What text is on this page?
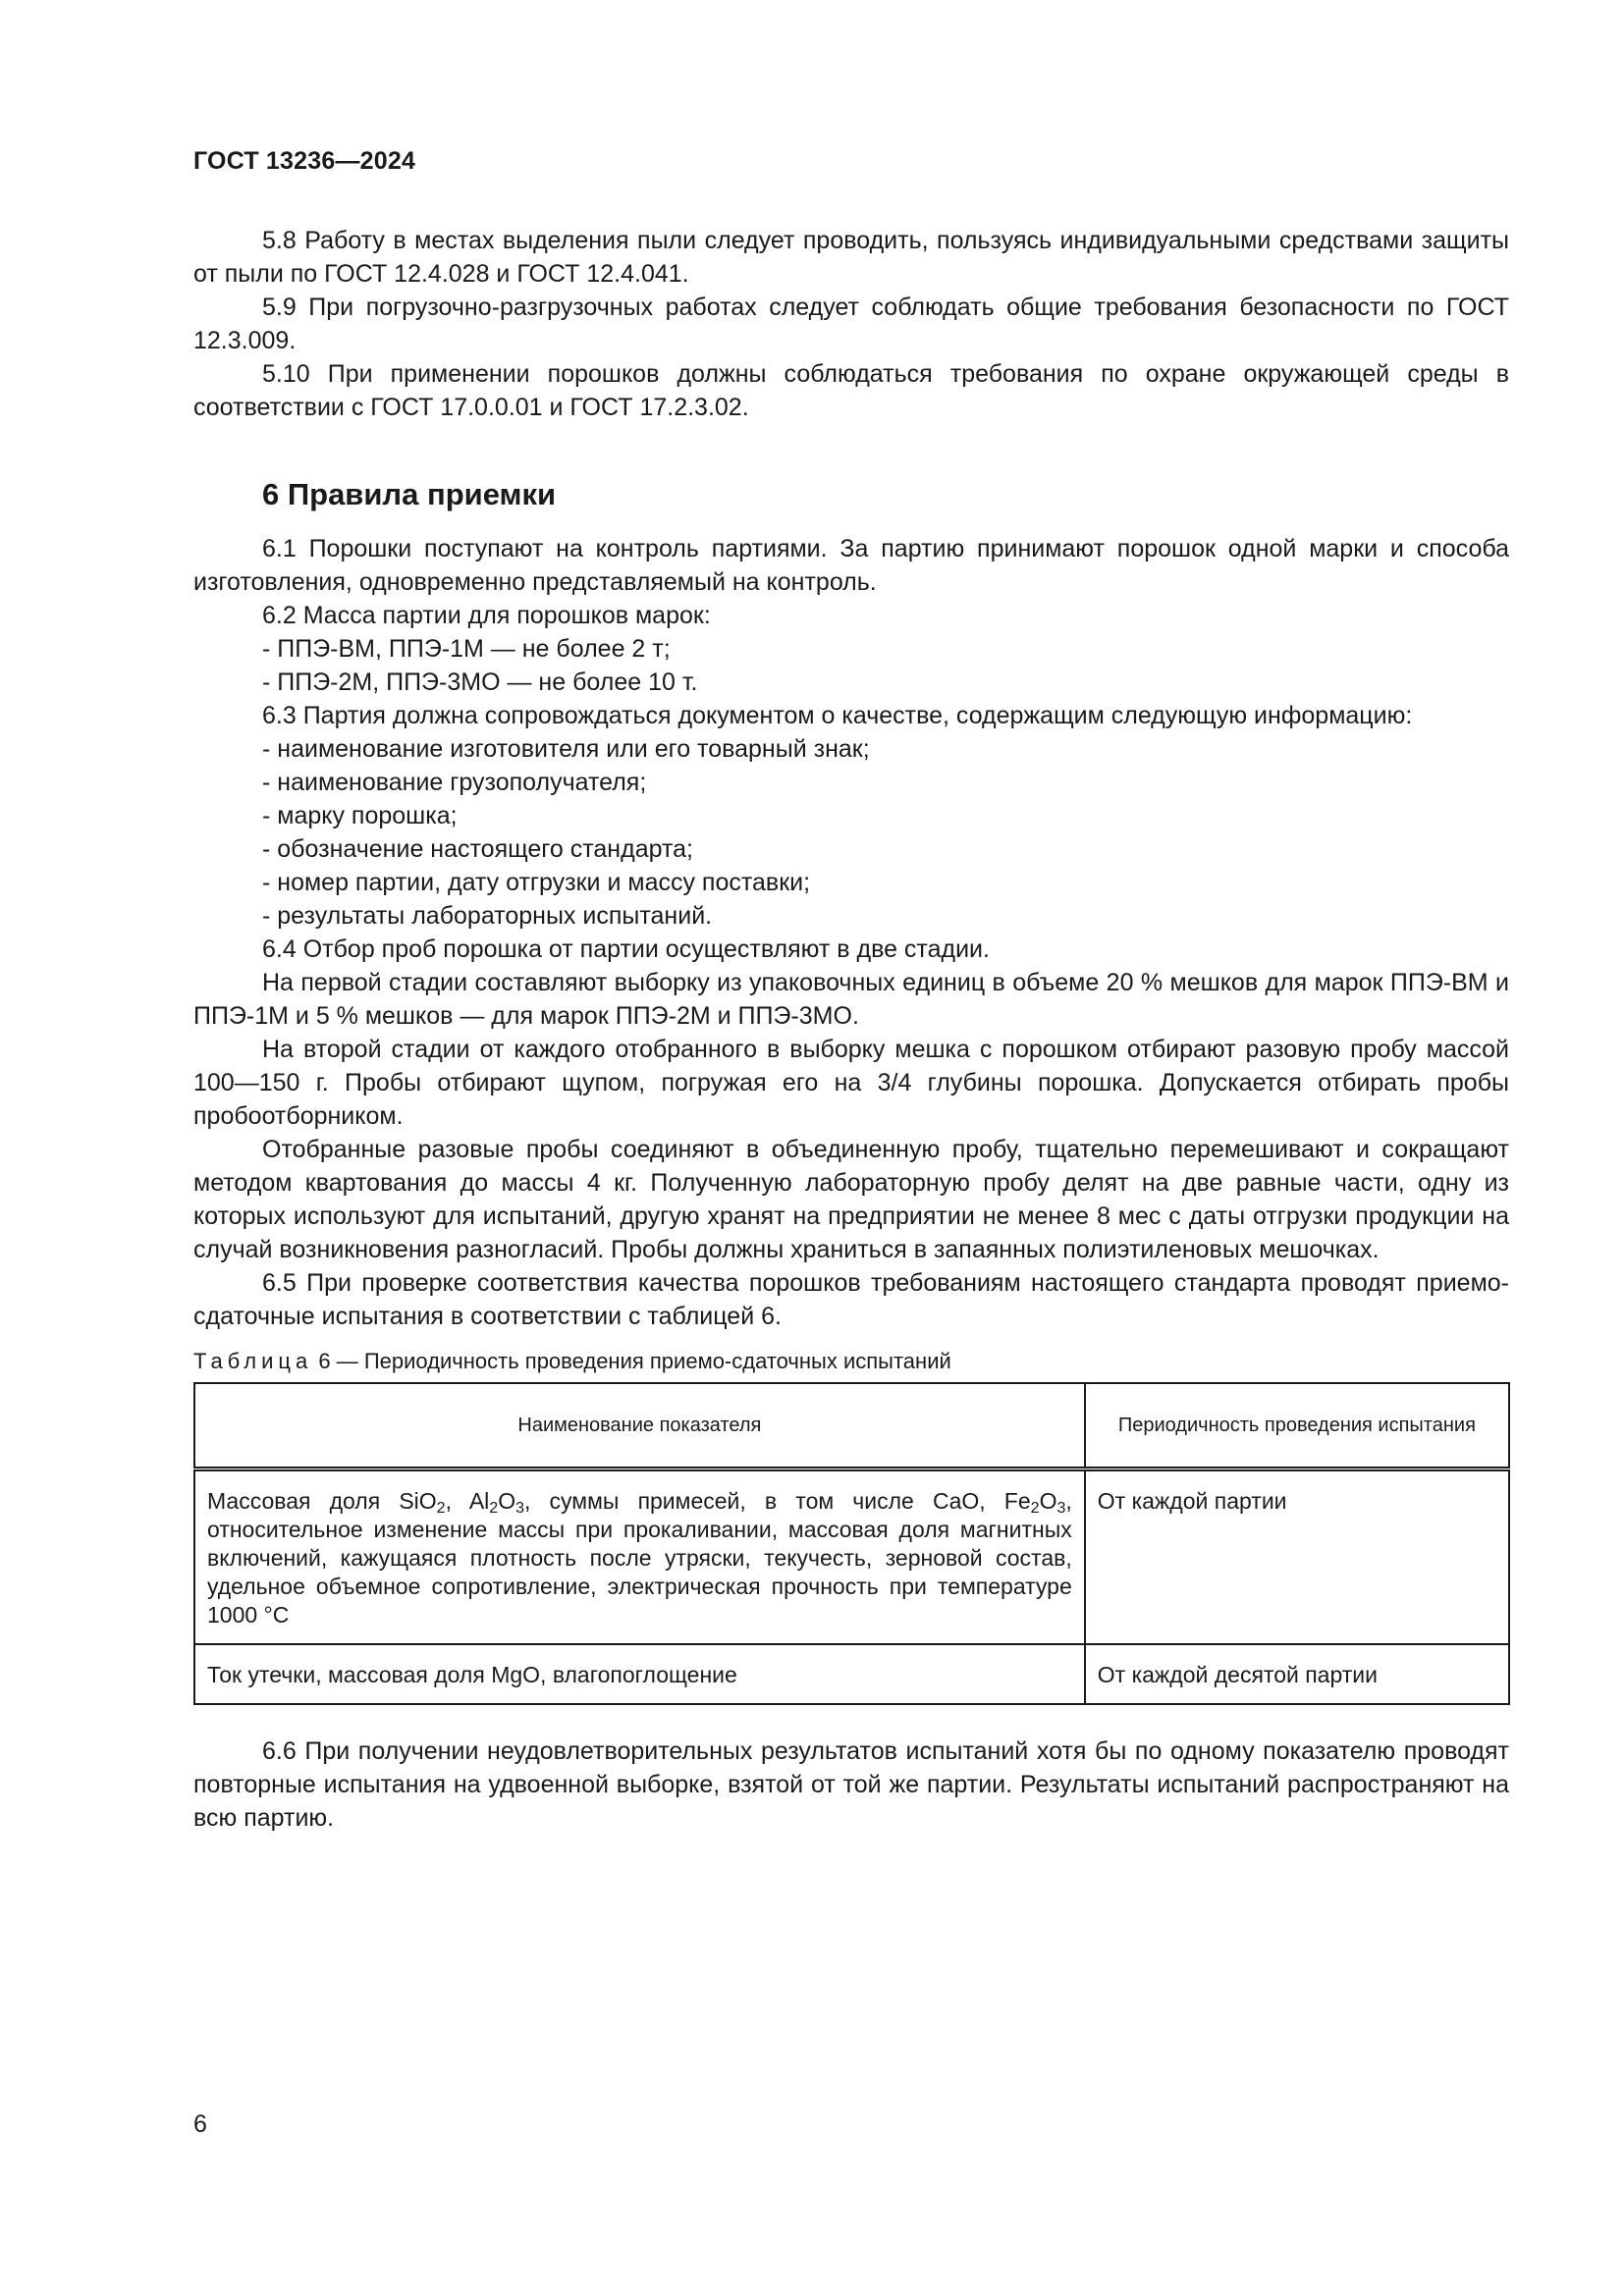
ГОСТ 13236—2024

5.8 Работу в местах выделения пыли следует проводить, пользуясь индивидуальными средствами защиты от пыли по ГОСТ 12.4.028 и ГОСТ 12.4.041.

5.9 При погрузочно-разгрузочных работах следует соблюдать общие требования безопасности по ГОСТ 12.3.009.

5.10 При применении порошков должны соблюдаться требования по охране окружающей среды в соответствии с ГОСТ 17.0.0.01 и ГОСТ 17.2.3.02.

6 Правила приемки

6.1 Порошки поступают на контроль партиями. За партию принимают порошок одной марки и способа изготовления, одновременно представляемый на контроль.

6.2 Масса партии для порошков марок:

- ППЭ-ВМ, ППЭ-1М — не более 2 т;

- ППЭ-2М, ППЭ-3МО — не более 10 т.

6.3 Партия должна сопровождаться документом о качестве, содержащим следующую информацию:

- наименование изготовителя или его товарный знак;

- наименование грузополучателя;

- марку порошка;

- обозначение настоящего стандарта;

- номер партии, дату отгрузки и массу поставки;

- результаты лабораторных испытаний.

6.4 Отбор проб порошка от партии осуществляют в две стадии.

На первой стадии составляют выборку из упаковочных единиц в объеме 20 % мешков для марок ППЭ-ВМ и ППЭ-1М и 5 % мешков — для марок ППЭ-2М и ППЭ-3МО.

На второй стадии от каждого отобранного в выборку мешка с порошком отбирают разовую пробу массой 100—150 г. Пробы отбирают щупом, погружая его на 3/4 глубины порошка. Допускается отбирать пробы пробоотборником.

Отобранные разовые пробы соединяют в объединенную пробу, тщательно перемешивают и сокращают методом квартования до массы 4 кг. Полученную лабораторную пробу делят на две равные части, одну из которых используют для испытаний, другую хранят на предприятии не менее 8 мес с даты отгрузки продукции на случай возникновения разногласий. Пробы должны храниться в запаянных полиэтиленовых мешочках.

6.5 При проверке соответствия качества порошков требованиям настоящего стандарта проводят приемо-сдаточные испытания в соответствии с таблицей 6.

Таблица 6 — Периодичность проведения приемо-сдаточных испытаний
Наименование показателя	Периодичность проведения испытания

Массовая доля SiO$_2$, $Al_2O_3$, суммы примесей, в том числе CaO, $Fe_2O_3$, относительное изменение массы при прокаливании, массовая доля магнитных включений, кажущаяся плотность после утряски, текучесть, зерновой состав, удельное объемное сопротивление, электрическая прочность при температуре 1000 °С	От каждой партии

Ток утечки, массовая доля MgO, влагопоглощение	От каждой десятой партии

6.6 При получении неудовлетворительных результатов испытаний хотя бы по одному показателю проводят повторные испытания на удвоенной выборке, взятой от той же партии. Результаты испытаний распространяют на всю партию.

6
